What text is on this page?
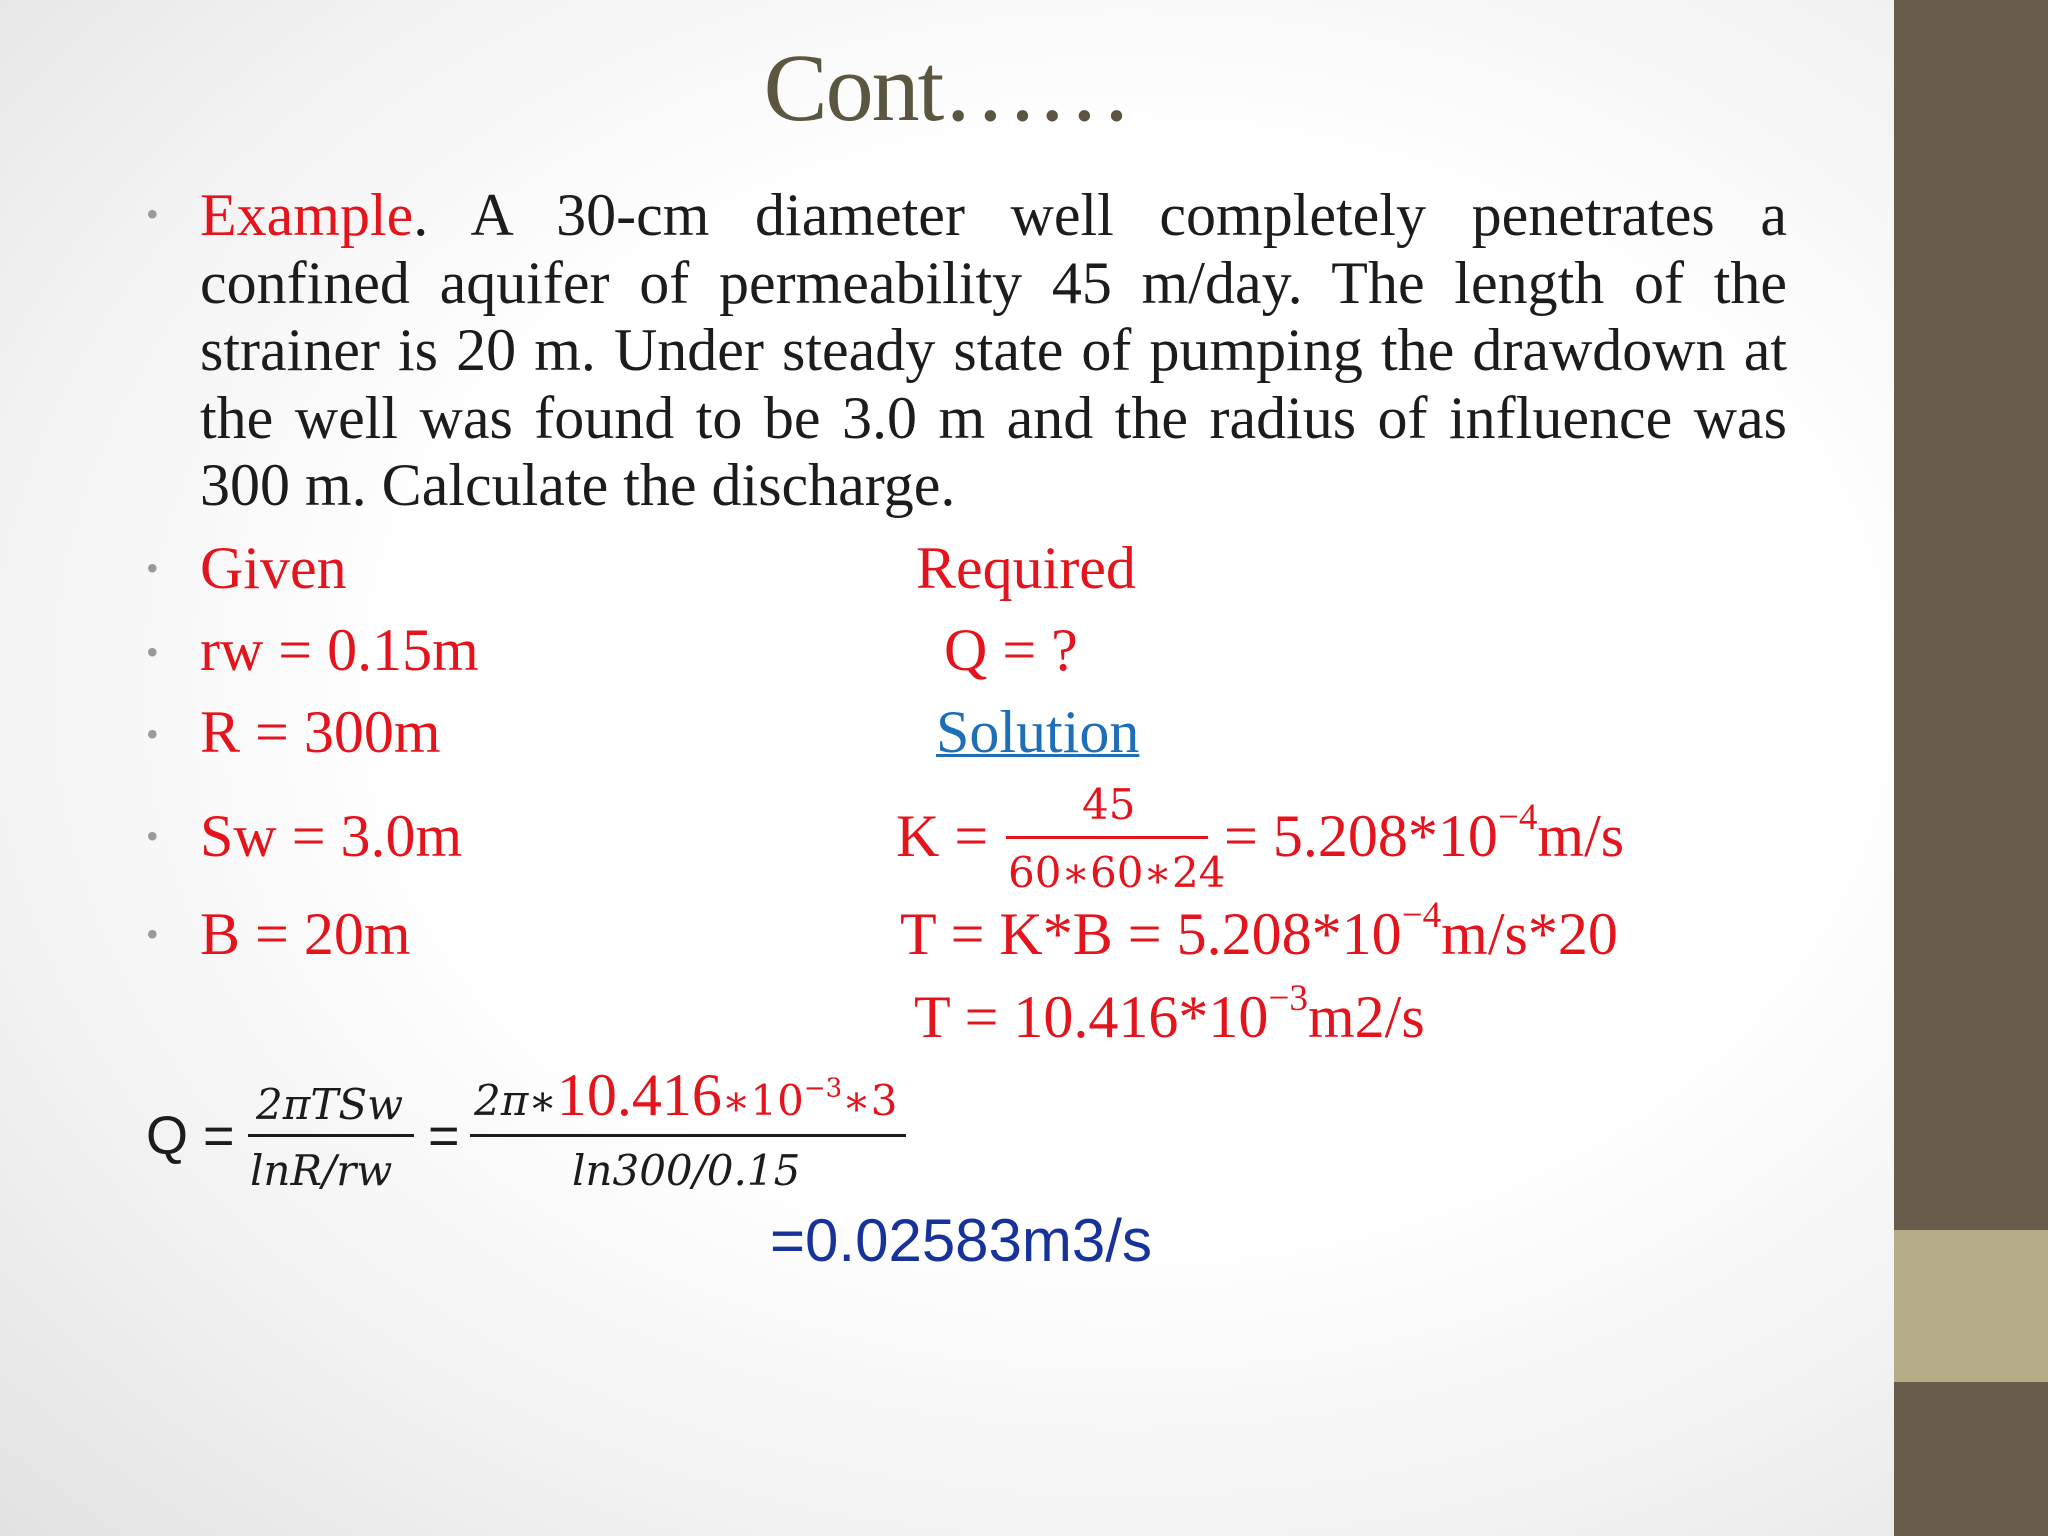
Cont……
•
•
•
•
•
•
Example. A 30-cm diameter well completely penetrates a confined aquifer of permeability 45 m/day. The length of the strainer is 20 m. Under steady state of pumping the drawdown at the well was found to be 3.0 m and the radius of influence was 300 m. Calculate the discharge.
Given
rw = 0.15m
R = 300m
Sw = 3.0m
B = 20m
Required
Q = ?
Solution
K = 45
60∗60∗24
= $5.208*10^{-4}m/s$
$T = K*B = 5.208*10^{-4}m/s*20$
$T = 10.416*10^{-3}m2/s$
Q =
2πTSw
lnR/rw
=
$2\pi∗10.416∗10^{-3}∗3$
ln300/0.15
=0.02583m3/s
